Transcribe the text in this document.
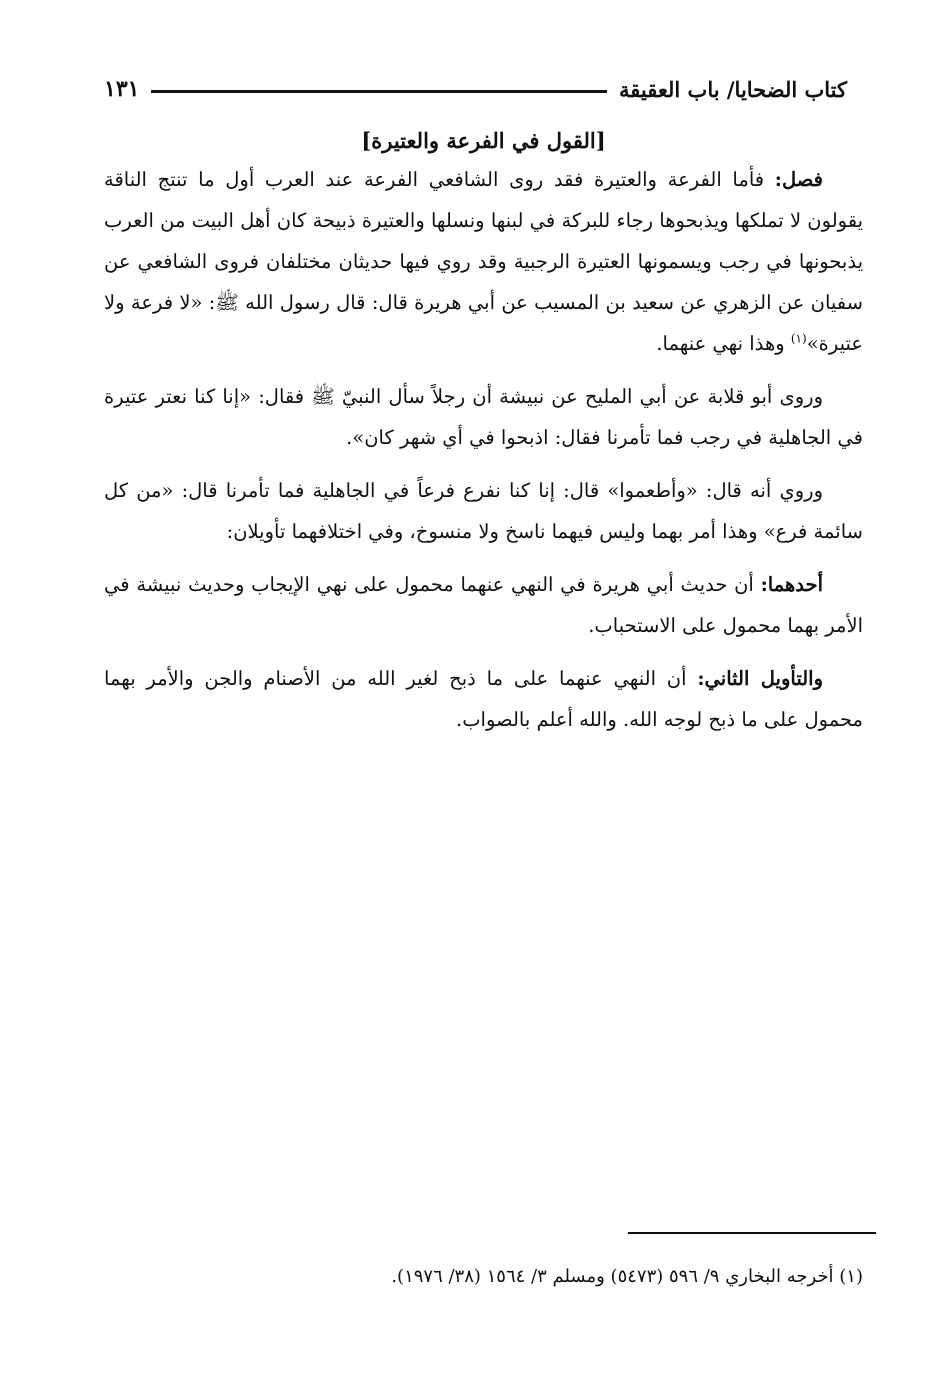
كتاب الضحايا/ باب العقيقة
١٣١

[القول في الفرعة والعتيرة]

فصل: فأما الفرعة والعتيرة فقد روى الشافعي الفرعة عند العرب أول ما تنتج الناقة يقولون لا تملكها ويذبحوها رجاء للبركة في لبنها ونسلها والعتيرة ذبيحة كان أهل البيت من العرب يذبحونها في رجب ويسمونها العتيرة الرجبية وقد روي فيها حديثان مختلفان فروى الشافعي عن سفيان عن الزهري عن سعيد بن المسيب عن أبي هريرة قال: قال رسول الله ﷺ: «لا فرعة ولا عتيرة»$^{(١)}$ وهذا نهي عنهما.

وروى أبو قلابة عن أبي المليح عن نبيشة أن رجلاً سأل النبيّ ﷺ فقال: «إنا كنا نعتر عتيرة في الجاهلية في رجب فما تأمرنا فقال: اذبحوا في أي شهر كان».

وروي أنه قال: «وأطعموا» قال: إنا كنا نفرع فرعاً في الجاهلية فما تأمرنا قال: «من كل سائمة فرع» وهذا أمر بهما وليس فيهما ناسخ ولا منسوخ، وفي اختلافهما تأويلان:

أحدهما: أن حديث أبي هريرة في النهي عنهما محمول على نهي الإيجاب وحديث نبيشة في الأمر بهما محمول على الاستحباب.

والتأويل الثاني: أن النهي عنهما على ما ذبح لغير الله من الأصنام والجن والأمر بهما محمول على ما ذبح لوجه الله. والله أعلم بالصواب.

(١) أخرجه البخاري ٩/ ٥٩٦ (٥٤٧٣) ومسلم ٣/ ١٥٦٤ (٣٨/ ١٩٧٦).
